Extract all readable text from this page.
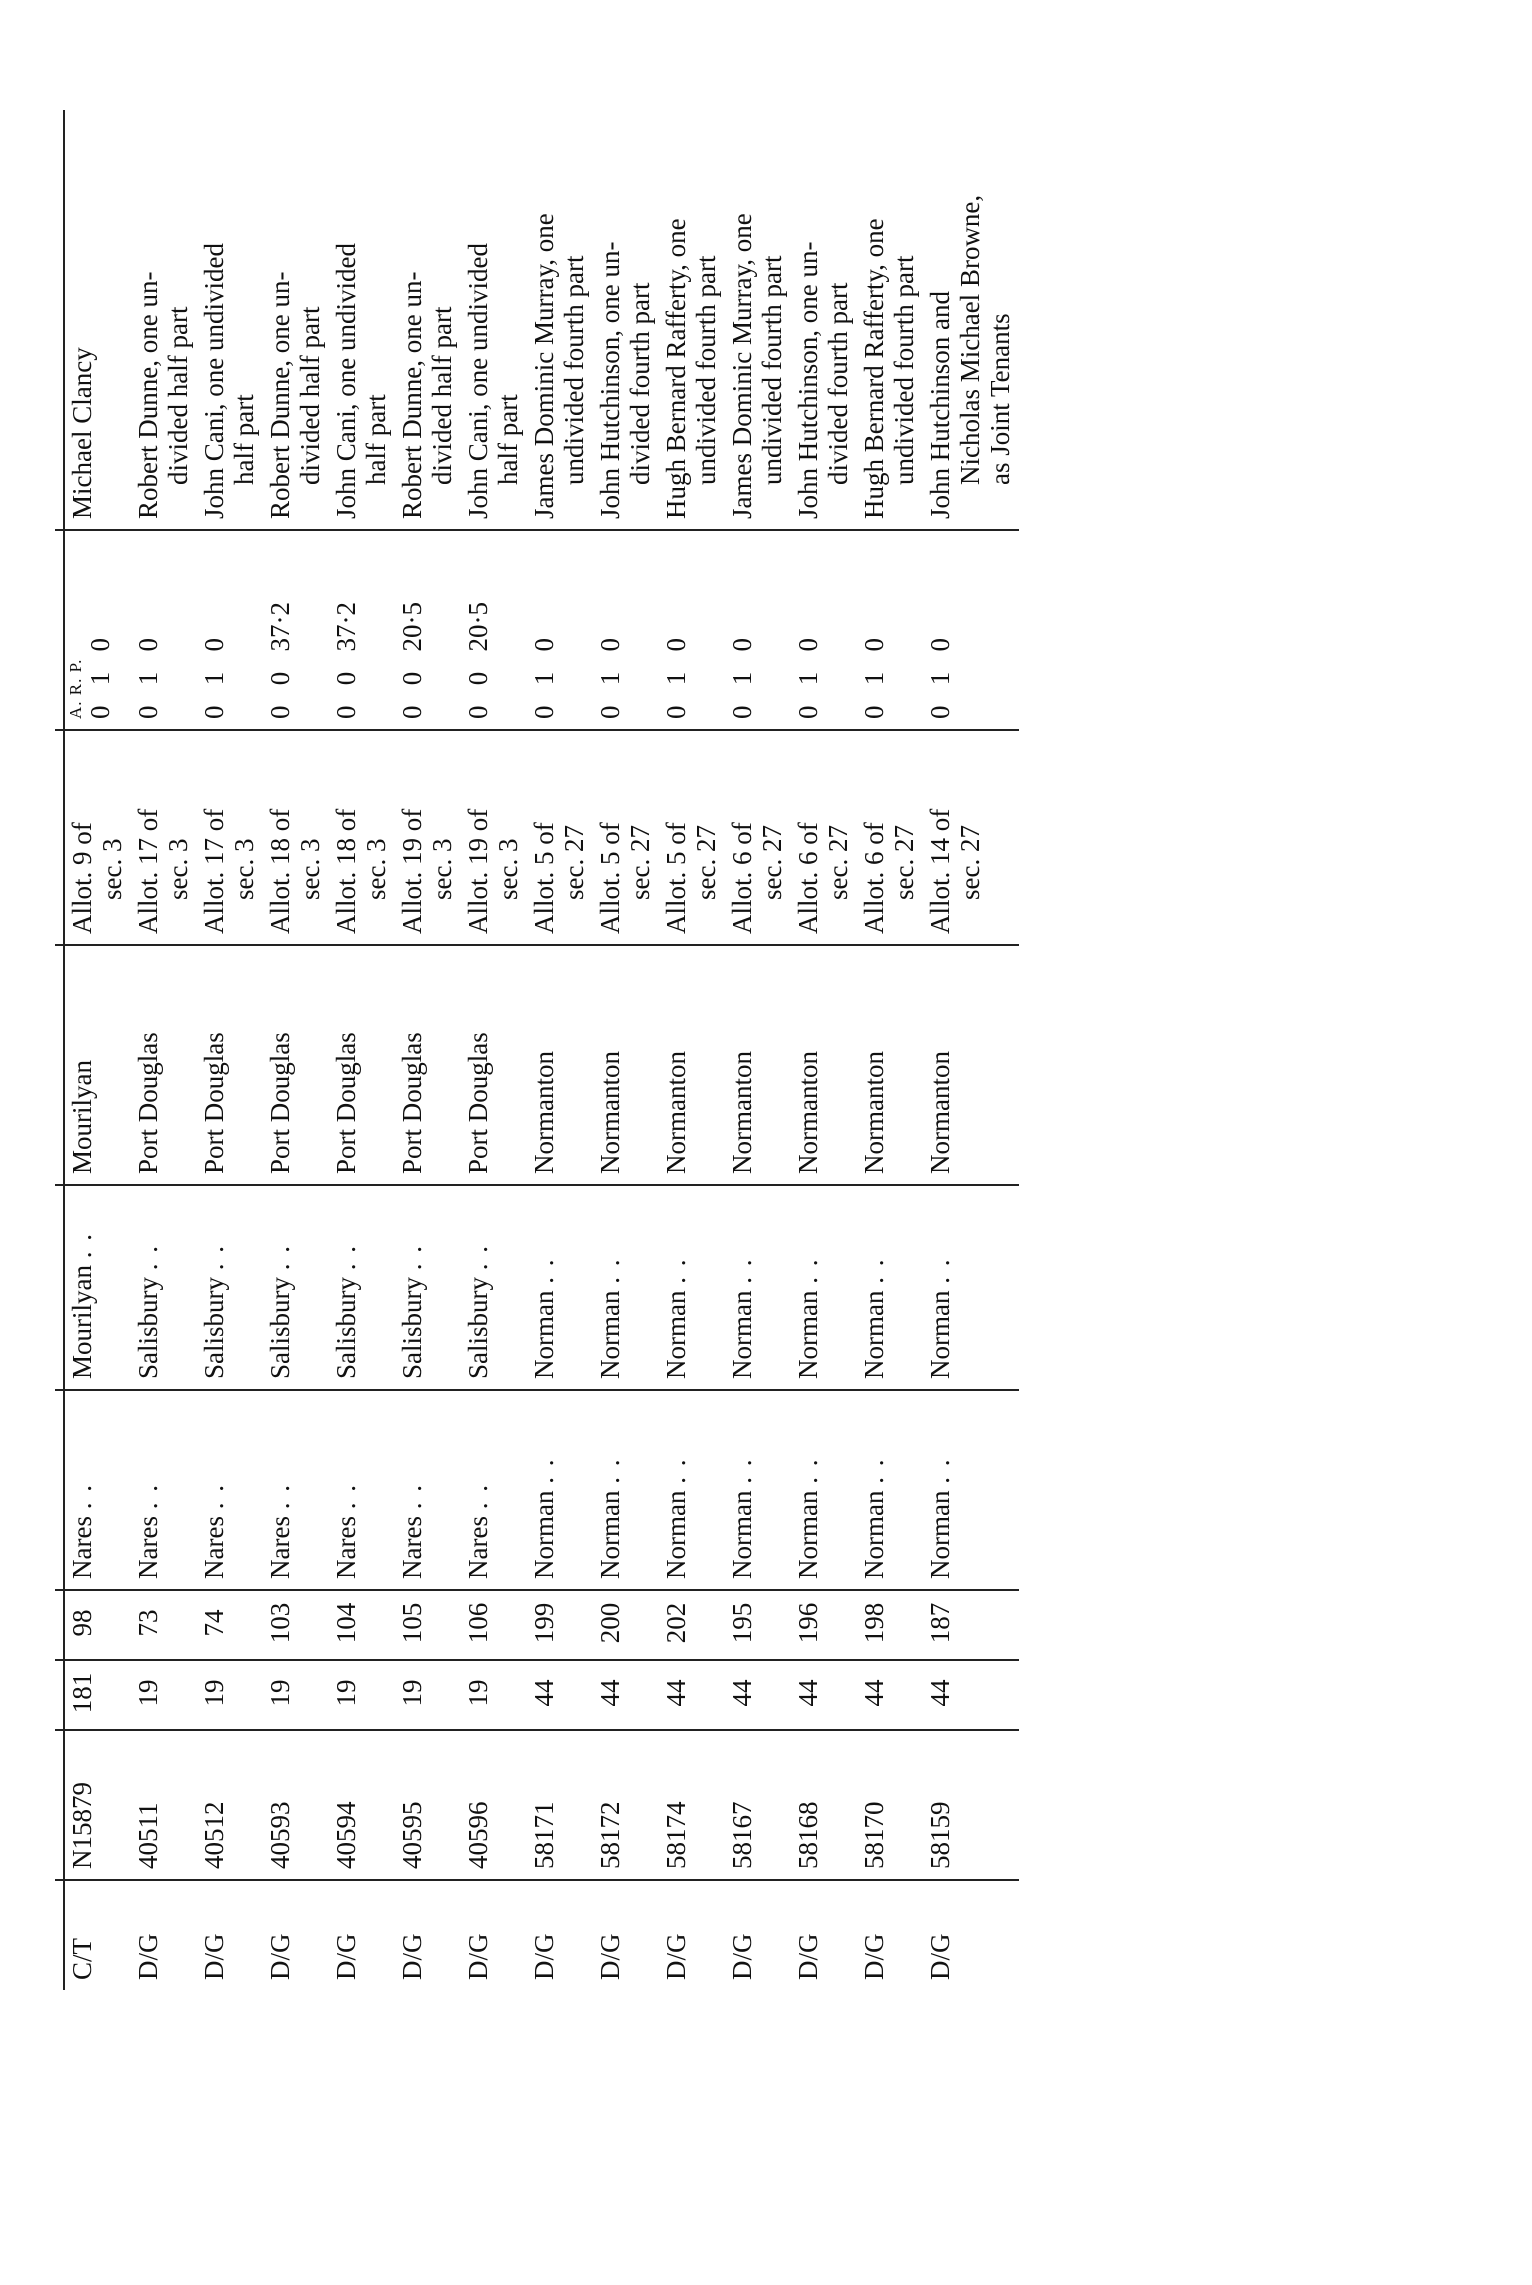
C/T	N15879	181	98	Nares . .	Mourilyan . .	Mourilyan	Allot. 9 of sec. 3	A. R. P. 0   1   0	Michael Clancy
D/G	40511	19	73	Nares . .	Salisbury . .	Port Douglas	Allot. 17 of sec. 3	0   1   0	Robert Dunne, one un- divided half part

D/G	40512	19	74	Nares . .	Salisbury . .	Port Douglas	Allot. 17 of sec. 3	0   1   0	John Cani, one undivided half part

D/G	40593	19	103	Nares . .	Salisbury . .	Port Douglas	Allot. 18 of sec. 3	0   0   37·2	Robert Dunne, one un- divided half part

D/G	40594	19	104	Nares . .	Salisbury . .	Port Douglas	Allot. 18 of sec. 3	0   0   37·2	John Cani, one undivided half part

D/G	40595	19	105	Nares . .	Salisbury . .	Port Douglas	Allot. 19 of sec. 3	0   0   20·5	Robert Dunne, one un- divided half part

D/G	40596	19	106	Nares . .	Salisbury . .	Port Douglas	Allot. 19 of sec. 3	0   0   20·5	John Cani, one undivided half part

D/G	58171	44	199	Norman . .	Norman . .	Normanton	Allot. 5 of sec. 27	0   1   0	James Dominic Murray, one undivided fourth part

D/G	58172	44	200	Norman . .	Norman . .	Normanton	Allot. 5 of sec. 27	0   1   0	John Hutchinson, one un- divided fourth part

D/G	58174	44	202	Norman . .	Norman . .	Normanton	Allot. 5 of sec. 27	0   1   0	Hugh Bernard Rafferty, one undivided fourth part

D/G	58167	44	195	Norman . .	Norman . .	Normanton	Allot. 6 of sec. 27	0   1   0	James Dominic Murray, one undivided fourth part

D/G	58168	44	196	Norman . .	Norman . .	Normanton	Allot. 6 of sec. 27	0   1   0	John Hutchinson, one un- divided fourth part

D/G	58170	44	198	Norman . .	Norman . .	Normanton	Allot. 6 of sec. 27	0   1   0	Hugh Bernard Rafferty, one undivided fourth part

D/G	58159	44	187	Norman . .	Norman . .	Normanton	Allot. 14 of sec. 27	0   1   0	John Hutchinson and Nicholas Michael Browne, as Joint Tenants
